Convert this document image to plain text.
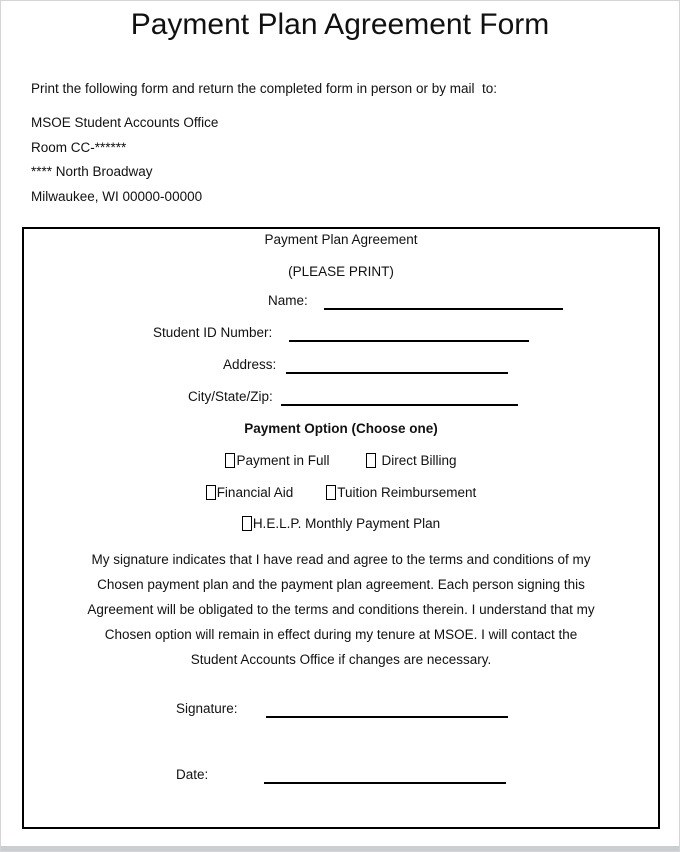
Payment Plan Agreement Form

Print the following form and return the completed form in person or by mail  to:

MSOE Student Accounts Office
Room CC-******
**** North Broadway
Milwaukee, WI 00000-00000
Payment Plan Agreement
(PLEASE PRINT)
Name:
Student ID Number:
Address:
City/State/Zip:
Payment Option (Choose one)
Payment in Full	Direct Billing
Financial Aid	Tuition Reimbursement
H.E.L.P. Monthly Payment Plan
My signature indicates that I have read and agree to the terms and conditions of my
Chosen payment plan and the payment plan agreement. Each person signing this
Agreement will be obligated to the terms and conditions therein. I understand that my
Chosen option will remain in effect during my tenure at MSOE. I will contact the
Student Accounts Office if changes are necessary.
Signature:
Date:
